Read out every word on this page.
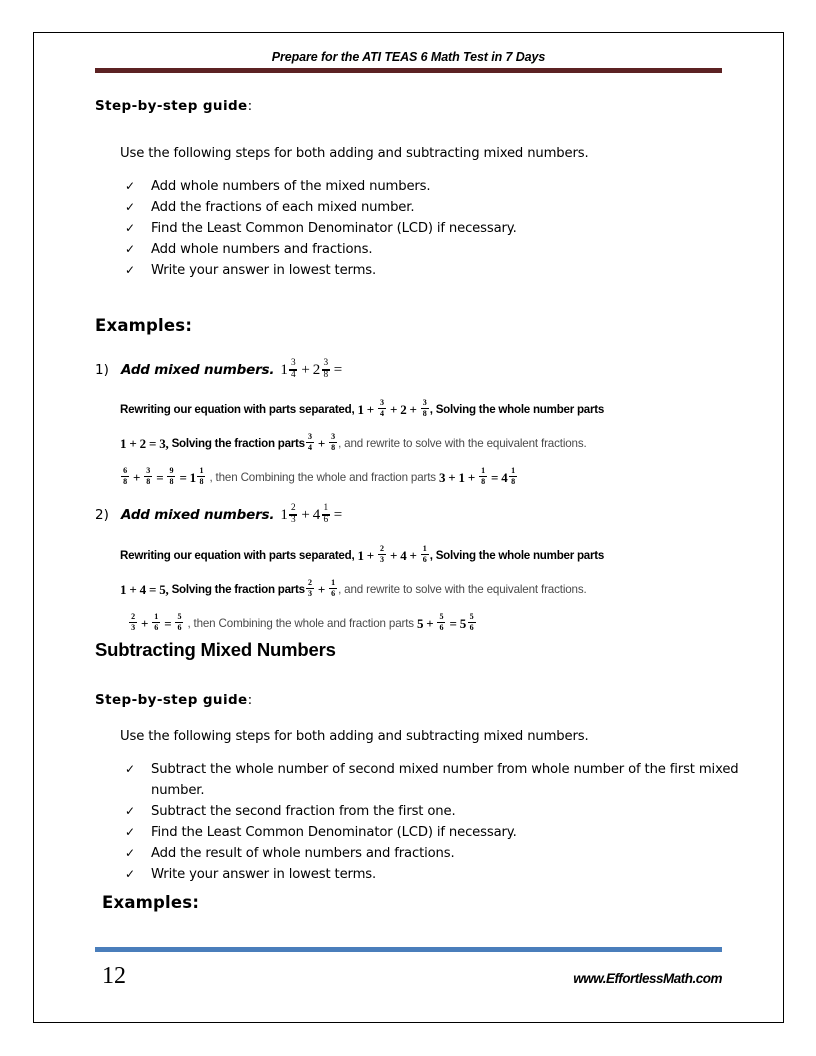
Prepare for the ATI TEAS 6 Math Test in 7 Days
Step-by-step guide:
Use the following steps for both adding and subtracting mixed numbers.
✓ Add whole numbers of the mixed numbers.
✓ Add the fractions of each mixed number.
✓ Find the Least Common Denominator (LCD) if necessary.
✓ Add whole numbers and fractions.
✓ Write your answer in lowest terms.
Examples:
1) Add mixed numbers. $1 \frac{3}{4} + 2 \frac{3}{8}$ =
Rewriting our equation with parts separated, $1 + \frac{3}{4} + 2 + \frac{3}{8}$ , Solving the whole number parts
1 + 2 = 3, Solving the fraction parts $\frac{3}{4} + \frac{3}{8}$ , and rewrite to solve with the equivalent fractions.
$\frac{6}{8} + \frac{3}{8} = \frac{9}{8} = 1 \frac{1}{8}$ , then Combining the whole and fraction parts $3 + 1 + \frac{1}{8} = 4 \frac{1}{8}$
2) Add mixed numbers. $1 \frac{2}{3} + 4 \frac{1}{6}$ =
Rewriting our equation with parts separated, $1 + \frac{2}{3} + 4 + \frac{1}{6}$ , Solving the whole number parts
1 + 4 = 5, Solving the fraction parts $\frac{2}{3} + \frac{1}{6}$ , and rewrite to solve with the equivalent fractions.
$\frac{2}{3} + \frac{1}{6} = \frac{5}{6}$ , then Combining the whole and fraction parts $5 + \frac{5}{6} = 5 \frac{5}{6}$
Subtracting Mixed Numbers
Step-by-step guide:
Use the following steps for both adding and subtracting mixed numbers.
✓ Subtract the whole number of second mixed number from whole number of the first mixed number.
✓ Subtract the second fraction from the first one.
✓ Find the Least Common Denominator (LCD) if necessary.
✓ Add the result of whole numbers and fractions.
✓ Write your answer in lowest terms.
Examples:
12	www.EffortlessMath.com
